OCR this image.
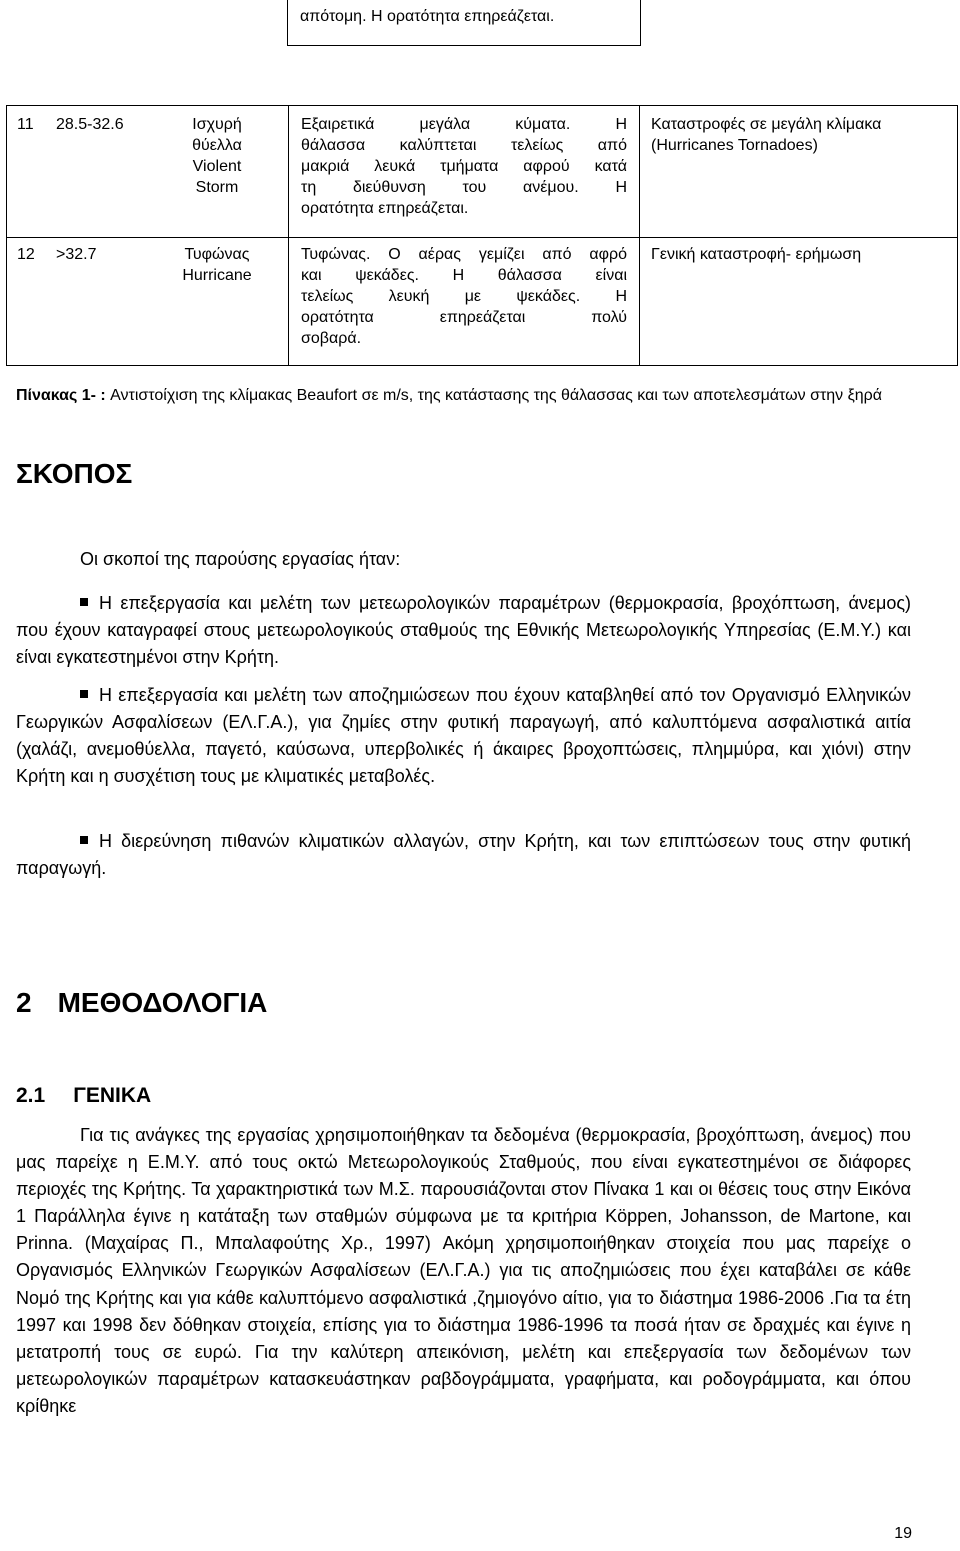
απότομη. Η ορατότητα επηρεάζεται.
11 28.5-32.6	Ισχυρή
θύελλα
Violent
Storm
Εξαιρετικά μεγάλα κύματα. Η
θάλασσα καλύπτεται τελείως από
μακριά λευκά τμήματα αφρού κατά
τη διεύθυνση του ανέμου. Η
ορατότητα επηρεάζεται.
Καταστροφές σε μεγάλη κλίμακα
(Hurricanes Tornadoes)
12 >32.7	Τυφώνας
Hurricane
Τυφώνας. Ο αέρας γεμίζει από αφρό
και ψεκάδες. Η θάλασσα είναι
τελείως λευκή με ψεκάδες. Η
ορατότητα επηρεάζεται πολύ
σοβαρά.
Γενική καταστροφή- ερήμωση
Πίνακας 1- : Αντιστοίχιση της κλίμακας Beaufort σε m/s, της κατάστασης της θάλασσας και των αποτελεσμάτων στην ξηρά
ΣΚΟΠΟΣ
Οι σκοποί της παρούσης εργασίας ήταν:
Η επεξεργασία και μελέτη των μετεωρολογικών παραμέτρων (θερμοκρασία, βροχόπτωση, άνεμος) που έχουν καταγραφεί στους μετεωρολογικούς σταθμούς της Εθνικής Μετεωρολογικής Υπηρεσίας (Ε.Μ.Υ.) και είναι εγκατεστημένοι στην Κρήτη.
Η επεξεργασία και μελέτη των αποζημιώσεων που έχουν καταβληθεί από τον Οργανισμό Ελληνικών Γεωργικών Ασφαλίσεων (ΕΛ.Γ.Α.), για ζημίες στην φυτική παραγωγή, από καλυπτόμενα ασφαλιστικά αιτία (χαλάζι, ανεμοθύελλα, παγετό, καύσωνα, υπερβολικές ή άκαιρες βροχοπτώσεις, πλημμύρα, και χιόνι) στην Κρήτη και η συσχέτιση τους με κλιματικές μεταβολές.
Η διερεύνηση πιθανών κλιματικών αλλαγών, στην Κρήτη, και των επιπτώσεων τους στην φυτική παραγωγή.
2 ΜΕΘΟΔΟΛΟΓΙΑ
2.1 ΓΕΝΙΚΑ
Για τις ανάγκες της εργασίας χρησιμοποιήθηκαν τα δεδομένα (θερμοκρασία, βροχόπτωση, άνεμος) που μας παρείχε η Ε.Μ.Υ. από τους οκτώ Μετεωρολογικούς Σταθμούς, που είναι εγκατεστημένοι σε διάφορες περιοχές της Κρήτης. Τα χαρακτηριστικά των Μ.Σ. παρουσιάζονται στον Πίνακα 1 και οι θέσεις τους στην Εικόνα 1 Παράλληλα έγινε η κατάταξη των σταθμών σύμφωνα με τα κριτήρια Köppen, Johansson, de Martone, και Prinna. (Μαχαίρας Π., Μπαλαφούτης Χρ., 1997) Ακόμη χρησιμοποιήθηκαν στοιχεία που μας παρείχε ο Οργανισμός Ελληνικών Γεωργικών Ασφαλίσεων (ΕΛ.Γ.Α.) για τις αποζημιώσεις που έχει καταβάλει σε κάθε Νομό της Κρήτης και για κάθε καλυπτόμενο ασφαλιστικά ,ζημιογόνο αίτιο, για το διάστημα 1986-2006 .Για τα έτη 1997 και 1998 δεν δόθηκαν στοιχεία, επίσης για το διάστημα 1986-1996 τα ποσά ήταν σε δραχμές και έγινε η μετατροπή τους σε ευρώ. Για την καλύτερη απεικόνιση, μελέτη και επεξεργασία των δεδομένων των μετεωρολογικών παραμέτρων κατασκευάστηκαν ραβδογράμματα, γραφήματα, και ροδογράμματα, και όπου κρίθηκε
19
